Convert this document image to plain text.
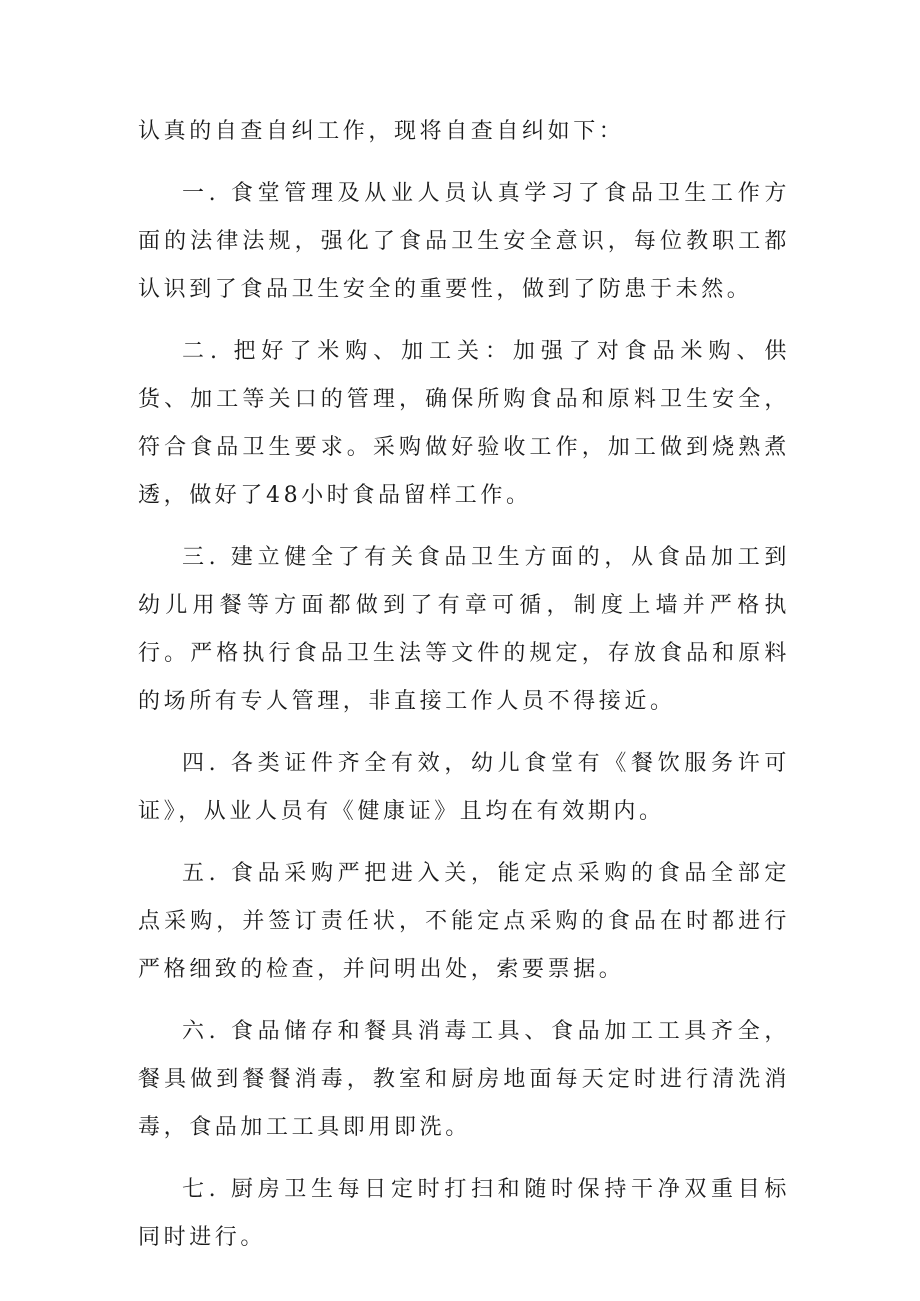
认真的自查自纠工作，现将自查自纠如下：

一. 食堂管理及从业人员认真学习了食品卫生工作方面的法律法规，强化了食品卫生安全意识，每位教职工都认识到了食品卫生安全的重要性，做到了防患于未然。

二. 把好了米购、加工关：加强了对食品米购、供货、加工等关口的管理，确保所购食品和原料卫生安全，符合食品卫生要求。采购做好验收工作，加工做到烧熟煮透，做好了48小时食品留样工作。

三. 建立健全了有关食品卫生方面的，从食品加工到幼儿用餐等方面都做到了有章可循，制度上墙并严格执行。严格执行食品卫生法等文件的规定，存放食品和原料的场所有专人管理，非直接工作人员不得接近。

四. 各类证件齐全有效，幼儿食堂有《餐饮服务许可证》，从业人员有《健康证》且均在有效期内。

五. 食品采购严把进入关，能定点采购的食品全部定点采购，并签订责任状，不能定点采购的食品在时都进行严格细致的检查，并问明出处，索要票据。

六. 食品储存和餐具消毒工具、食品加工工具齐全，餐具做到餐餐消毒，教室和厨房地面每天定时进行清洗消毒，食品加工工具即用即洗。

七. 厨房卫生每日定时打扫和随时保持干净双重目标同时进行。
